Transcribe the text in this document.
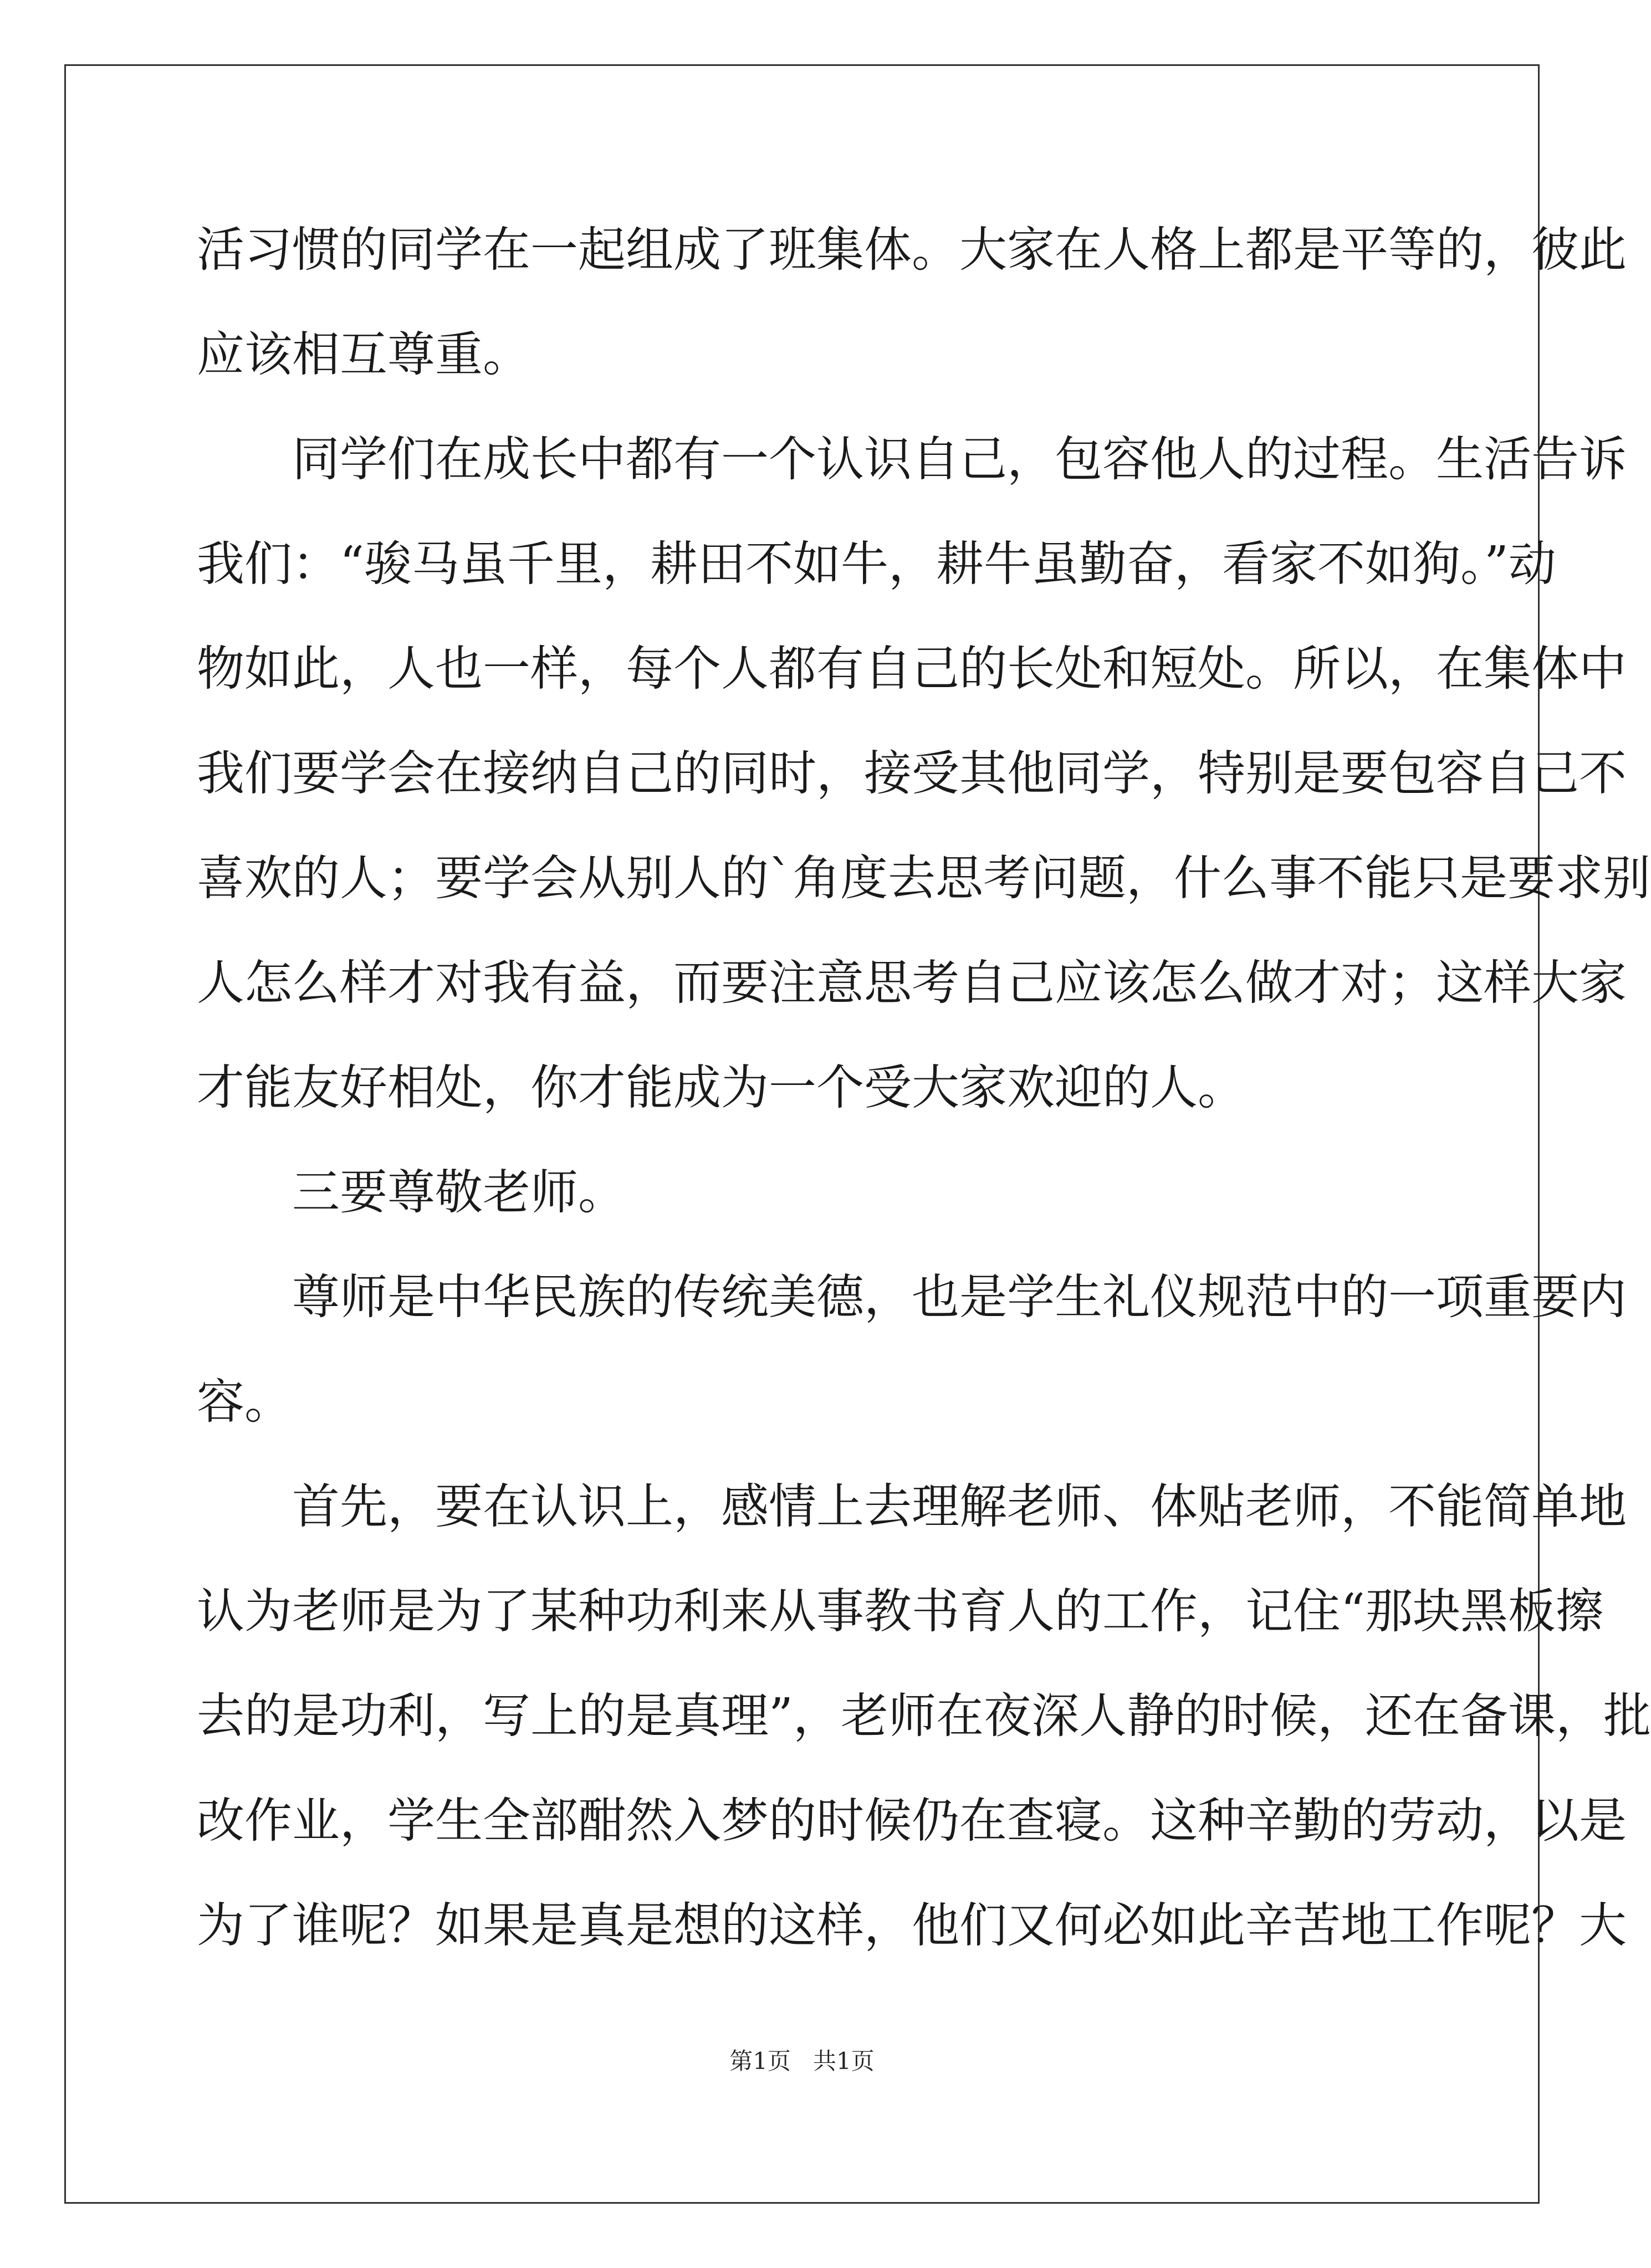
活习惯的同学在一起组成了班集体。大家在人格上都是平等的，彼此
应该相互尊重。
同学们在成长中都有一个认识自己，包容他人的过程。生活告诉
我们：“骏马虽千里，耕田不如牛，耕牛虽勤奋，看家不如狗。”动
物如此，人也一样，每个人都有自己的长处和短处。所以，在集体中
我们要学会在接纳自己的同时，接受其他同学，特别是要包容自己不
喜欢的人；要学会从别人的`角度去思考问题，什么事不能只是要求别
人怎么样才对我有益，而要注意思考自己应该怎么做才对；这样大家
才能友好相处，你才能成为一个受大家欢迎的人。
三要尊敬老师。
尊师是中华民族的传统美德，也是学生礼仪规范中的一项重要内
容。
首先，要在认识上，感情上去理解老师、体贴老师，不能简单地
认为老师是为了某种功利来从事教书育人的工作，记住“那块黑板擦
去的是功利，写上的是真理”，老师在夜深人静的时候，还在备课，批
改作业，学生全部酣然入梦的时候仍在查寝。这种辛勤的劳动，以是
为了谁呢？如果是真是想的这样，他们又何必如此辛苦地工作呢？大
第1页 共1页
